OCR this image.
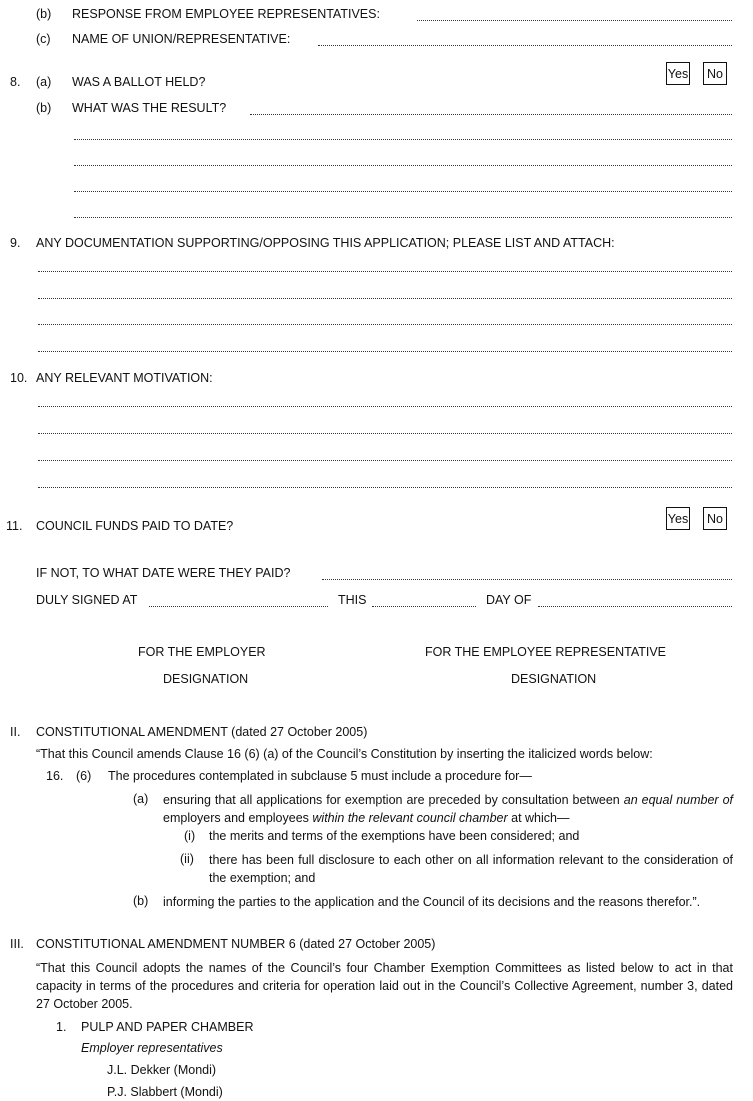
(b) RESPONSE FROM EMPLOYEE REPRESENTATIVES:
(c) NAME OF UNION/REPRESENTATIVE:
8. (a) WAS A BALLOT HELD?
Yes	No
(b) WHAT WAS THE RESULT?
9. ANY DOCUMENTATION SUPPORTING/OPPOSING THIS APPLICATION; PLEASE LIST AND ATTACH:
10. ANY RELEVANT MOTIVATION:
11. COUNCIL FUNDS PAID TO DATE?	Yes	No
IF NOT, TO WHAT DATE WERE THEY PAID?
DULY SIGNED AT	THIS	DAY OF
FOR THE EMPLOYER	FOR THE EMPLOYEE REPRESENTATIVE
DESIGNATION	DESIGNATION
II. CONSTITUTIONAL AMENDMENT (dated 27 October 2005)
“That this Council amends Clause 16 (6) (a) of the Council’s Constitution by inserting the italicized words below:
16. (6) The procedures contemplated in subclause 5 must include a procedure for—
(a) ensuring that all applications for exemption are preceded by consultation between an equal number of employers and employees within the relevant council chamber at which—
(i) the merits and terms of the exemptions have been considered; and
(ii) there has been full disclosure to each other on all information relevant to the consideration of the exemption; and
(b) informing the parties to the application and the Council of its decisions and the reasons therefor.”.
III. CONSTITUTIONAL AMENDMENT NUMBER 6 (dated 27 October 2005)
“That this Council adopts the names of the Council’s four Chamber Exemption Committees as listed below to act in that capacity in terms of the procedures and criteria for operation laid out in the Council’s Collective Agreement, number 3, dated 27 October 2005.
1. PULP AND PAPER CHAMBER
Employer representatives
J.L. Dekker (Mondi)
P.J. Slabbert (Mondi)
